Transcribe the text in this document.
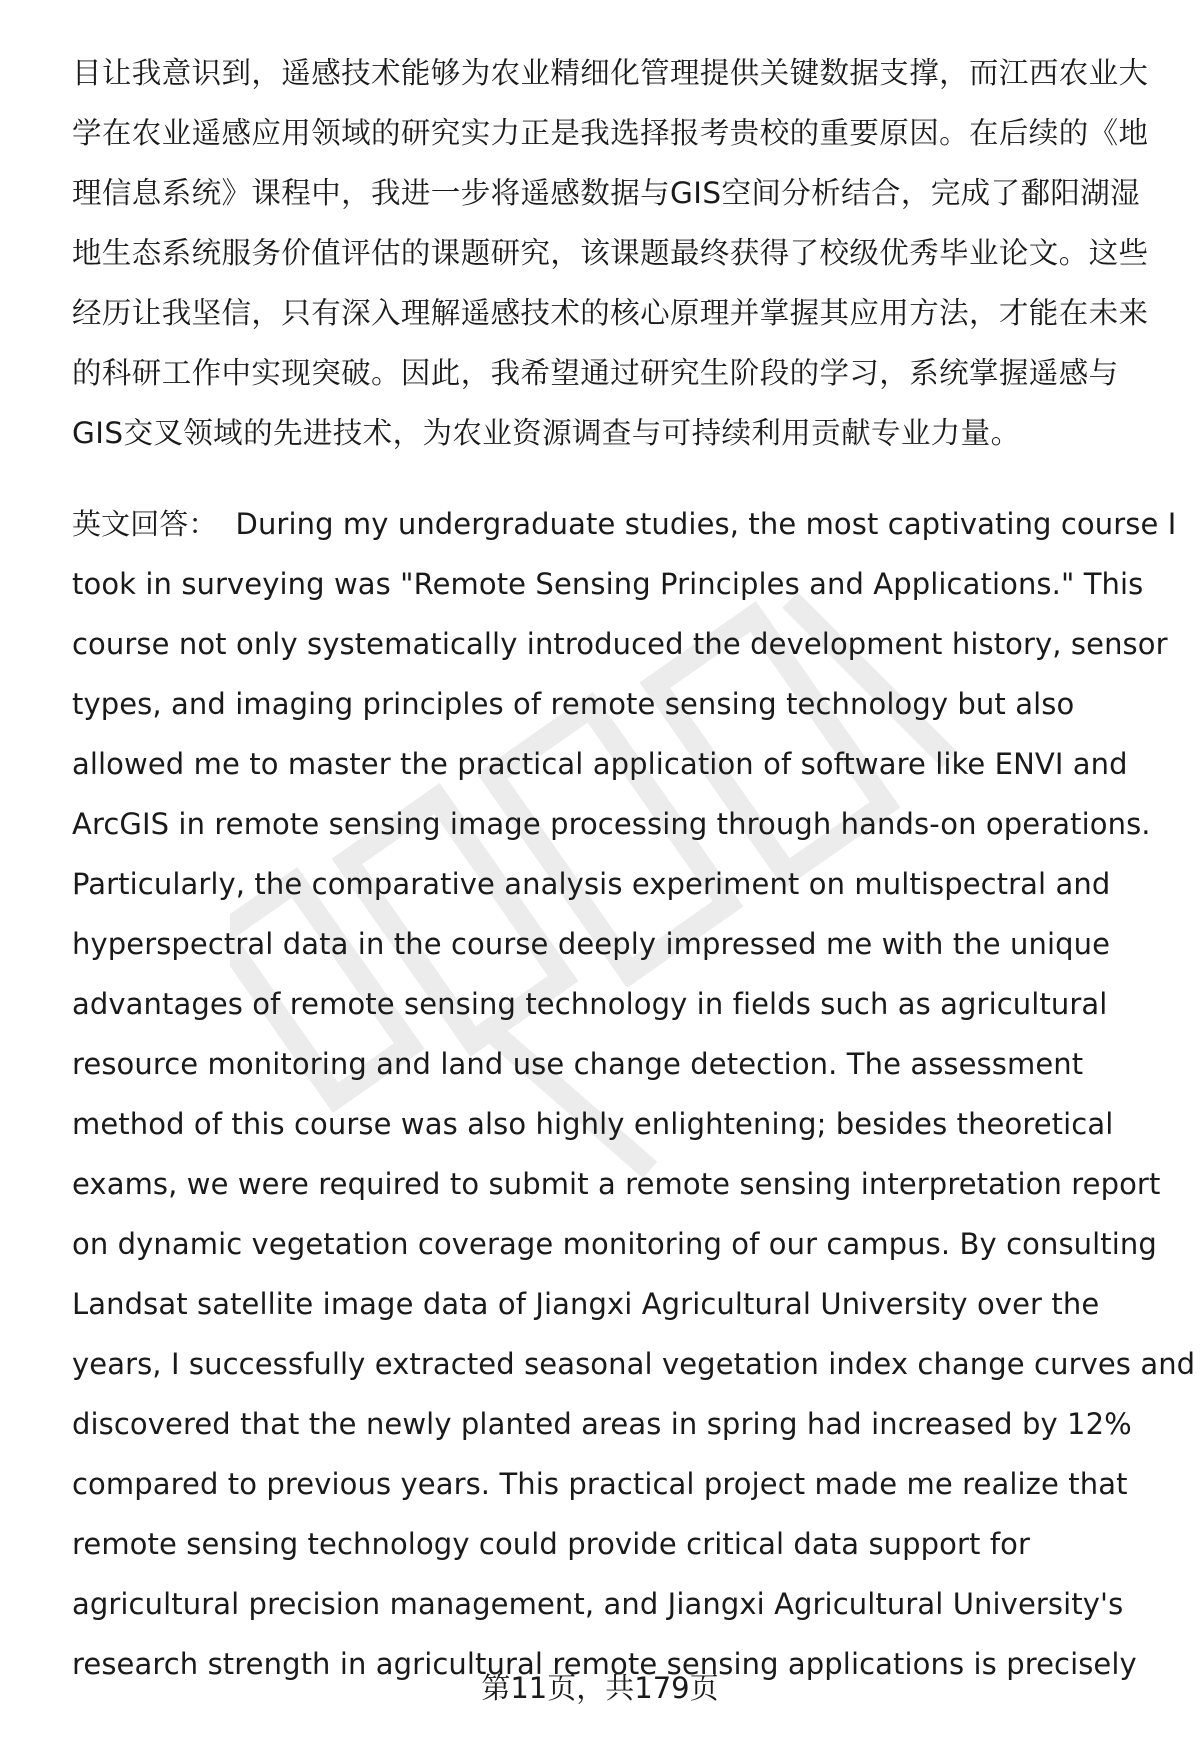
目让我意识到，遥感技术能够为农业精细化管理提供关键数据支撑，而江西农业大
学在农业遥感应用领域的研究实力正是我选择报考贵校的重要原因。在后续的《地
理信息系统》课程中，我进一步将遥感数据与GIS空间分析结合，完成了鄱阳湖湿
地生态系统服务价值评估的课题研究，该课题最终获得了校级优秀毕业论文。这些
经历让我坚信，只有深入理解遥感技术的核心原理并掌握其应用方法，才能在未来
的科研工作中实现突破。因此，我希望通过研究生阶段的学习，系统掌握遥感与
GIS交叉领域的先进技术，为农业资源调查与可持续利用贡献专业力量。
英文回答： During my undergraduate studies, the most captivating course I
took in surveying was "Remote Sensing Principles and Applications." This
course not only systematically introduced the development history, sensor
types, and imaging principles of remote sensing technology but also
allowed me to master the practical application of software like ENVI and
ArcGIS in remote sensing image processing through hands-on operations.
Particularly, the comparative analysis experiment on multispectral and
hyperspectral data in the course deeply impressed me with the unique
advantages of remote sensing technology in fields such as agricultural
resource monitoring and land use change detection. The assessment
method of this course was also highly enlightening; besides theoretical
exams, we were required to submit a remote sensing interpretation report
on dynamic vegetation coverage monitoring of our campus. By consulting
Landsat satellite image data of Jiangxi Agricultural University over the
years, I successfully extracted seasonal vegetation index change curves and
discovered that the newly planted areas in spring had increased by 12%
compared to previous years. This practical project made me realize that
remote sensing technology could provide critical data support for
agricultural precision management, and Jiangxi Agricultural University's
research strength in agricultural remote sensing applications is precisely
第11页，共179页
